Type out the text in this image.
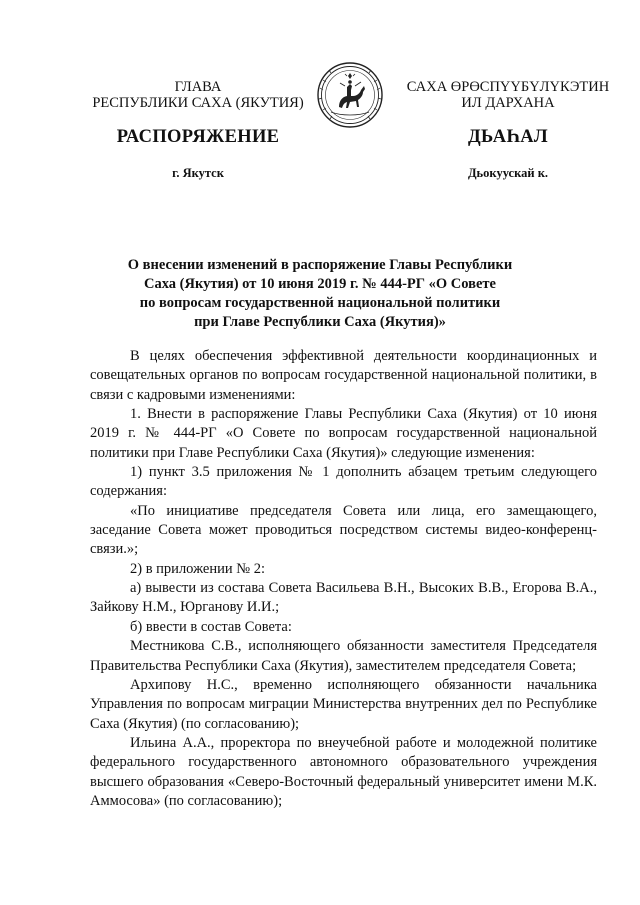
ГЛАВА
РЕСПУБЛИКИ САХА (ЯКУТИЯ)
САХА ӨРӨСПҮҮБҮЛҮКЭТИН
ИЛ ДАРХАНА
РАСПОРЯЖЕНИЕ	ДЬАҺАЛ
г. Якутск	Дьокуускай к.
О внесении изменений в распоряжение Главы Республики
Саха (Якутия) от 10 июня 2019 г. № 444-РГ «О Совете
по вопросам государственной национальной политики
при Главе Республики Саха (Якутия)»

В целях обеспечения эффективной деятельности координационных и совещательных органов по вопросам государственной национальной политики, в связи с кадровыми изменениями:

1. Внести в распоряжение Главы Республики Саха (Якутия) от 10 июня 2019 г. № 444-РГ «О Совете по вопросам государственной национальной политики при Главе Республики Саха (Якутия)» следующие изменения:

1) пункт 3.5 приложения № 1 дополнить абзацем третьим следующего содержания:

«По инициативе председателя Совета или лица, его замещающего, заседание Совета может проводиться посредством системы видео-конференц-связи.»;

2) в приложении № 2:

а) вывести из состава Совета Васильева В.Н., Высоких В.В., Егорова В.А., Зайкову Н.М., Юрганову И.И.;

б) ввести в состав Совета:

Местникова С.В., исполняющего обязанности заместителя Председателя Правительства Республики Саха (Якутия), заместителем председателя Совета;

Архипову Н.С., временно исполняющего обязанности начальника Управления по вопросам миграции Министерства внутренних дел по Республике Саха (Якутия) (по согласованию);

Ильина А.А., проректора по внеучебной работе и молодежной политике федерального государственного автономного образовательного учреждения высшего образования «Северо-Восточный федеральный университет имени М.К. Аммосова» (по согласованию);
